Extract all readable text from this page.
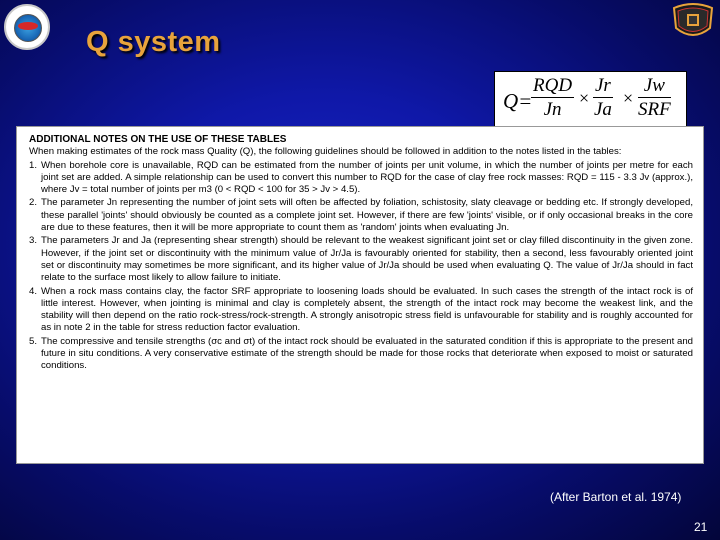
Q system
Q=
RQD
Jn
× $\frac{Jr}{Ja}$ ×
Jw
SRF
ADDITIONAL NOTES ON THE USE OF THESE TABLES

When making estimates of the rock mass Quality (Q), the following guidelines should be followed in addition to the notes listed in the tables:

1. When borehole core is unavailable, RQD can be estimated from the number of joints per unit volume, in which the number of joints per metre for each joint set are added. A simple relationship can be used to convert this number to RQD for the case of clay free rock masses: RQD = 115 - 3.3 Jv (approx.), where Jv = total number of joints per m3 (0 < RQD < 100 for 35 > Jv > 4.5).
2. The parameter Jn representing the number of joint sets will often be affected by foliation, schistosity, slaty cleavage or bedding etc. If strongly developed, these parallel 'joints' should obviously be counted as a complete joint set. However, if there are few 'joints' visible, or if only occasional breaks in the core are due to these features, then it will be more appropriate to count them as 'random' joints when evaluating Jn.
3. The parameters Jr and Ja (representing shear strength) should be relevant to the weakest significant joint set or clay filled discontinuity in the given zone. However, if the joint set or discontinuity with the minimum value of Jr/Ja is favourably oriented for stability, then a second, less favourably oriented joint set or discontinuity may sometimes be more significant, and its higher value of Jr/Ja should be used when evaluating Q. The value of Jr/Ja should in fact relate to the surface most likely to allow failure to initiate.
4. When a rock mass contains clay, the factor SRF appropriate to loosening loads should be evaluated. In such cases the strength of the intact rock is of little interest. However, when jointing is minimal and clay is completely absent, the strength of the intact rock may become the weakest link, and the stability will then depend on the ratio rock-stress/rock-strength. A strongly anisotropic stress field is unfavourable for stability and is roughly accounted for as in note 2 in the table for stress reduction factor evaluation.
5. The compressive and tensile strengths (σc and σt) of the intact rock should be evaluated in the saturated condition if this is appropriate to the present and future in situ conditions. A very conservative estimate of the strength should be made for those rocks that deteriorate when exposed to moist or saturated conditions.
(After Barton et al. 1974)
21
